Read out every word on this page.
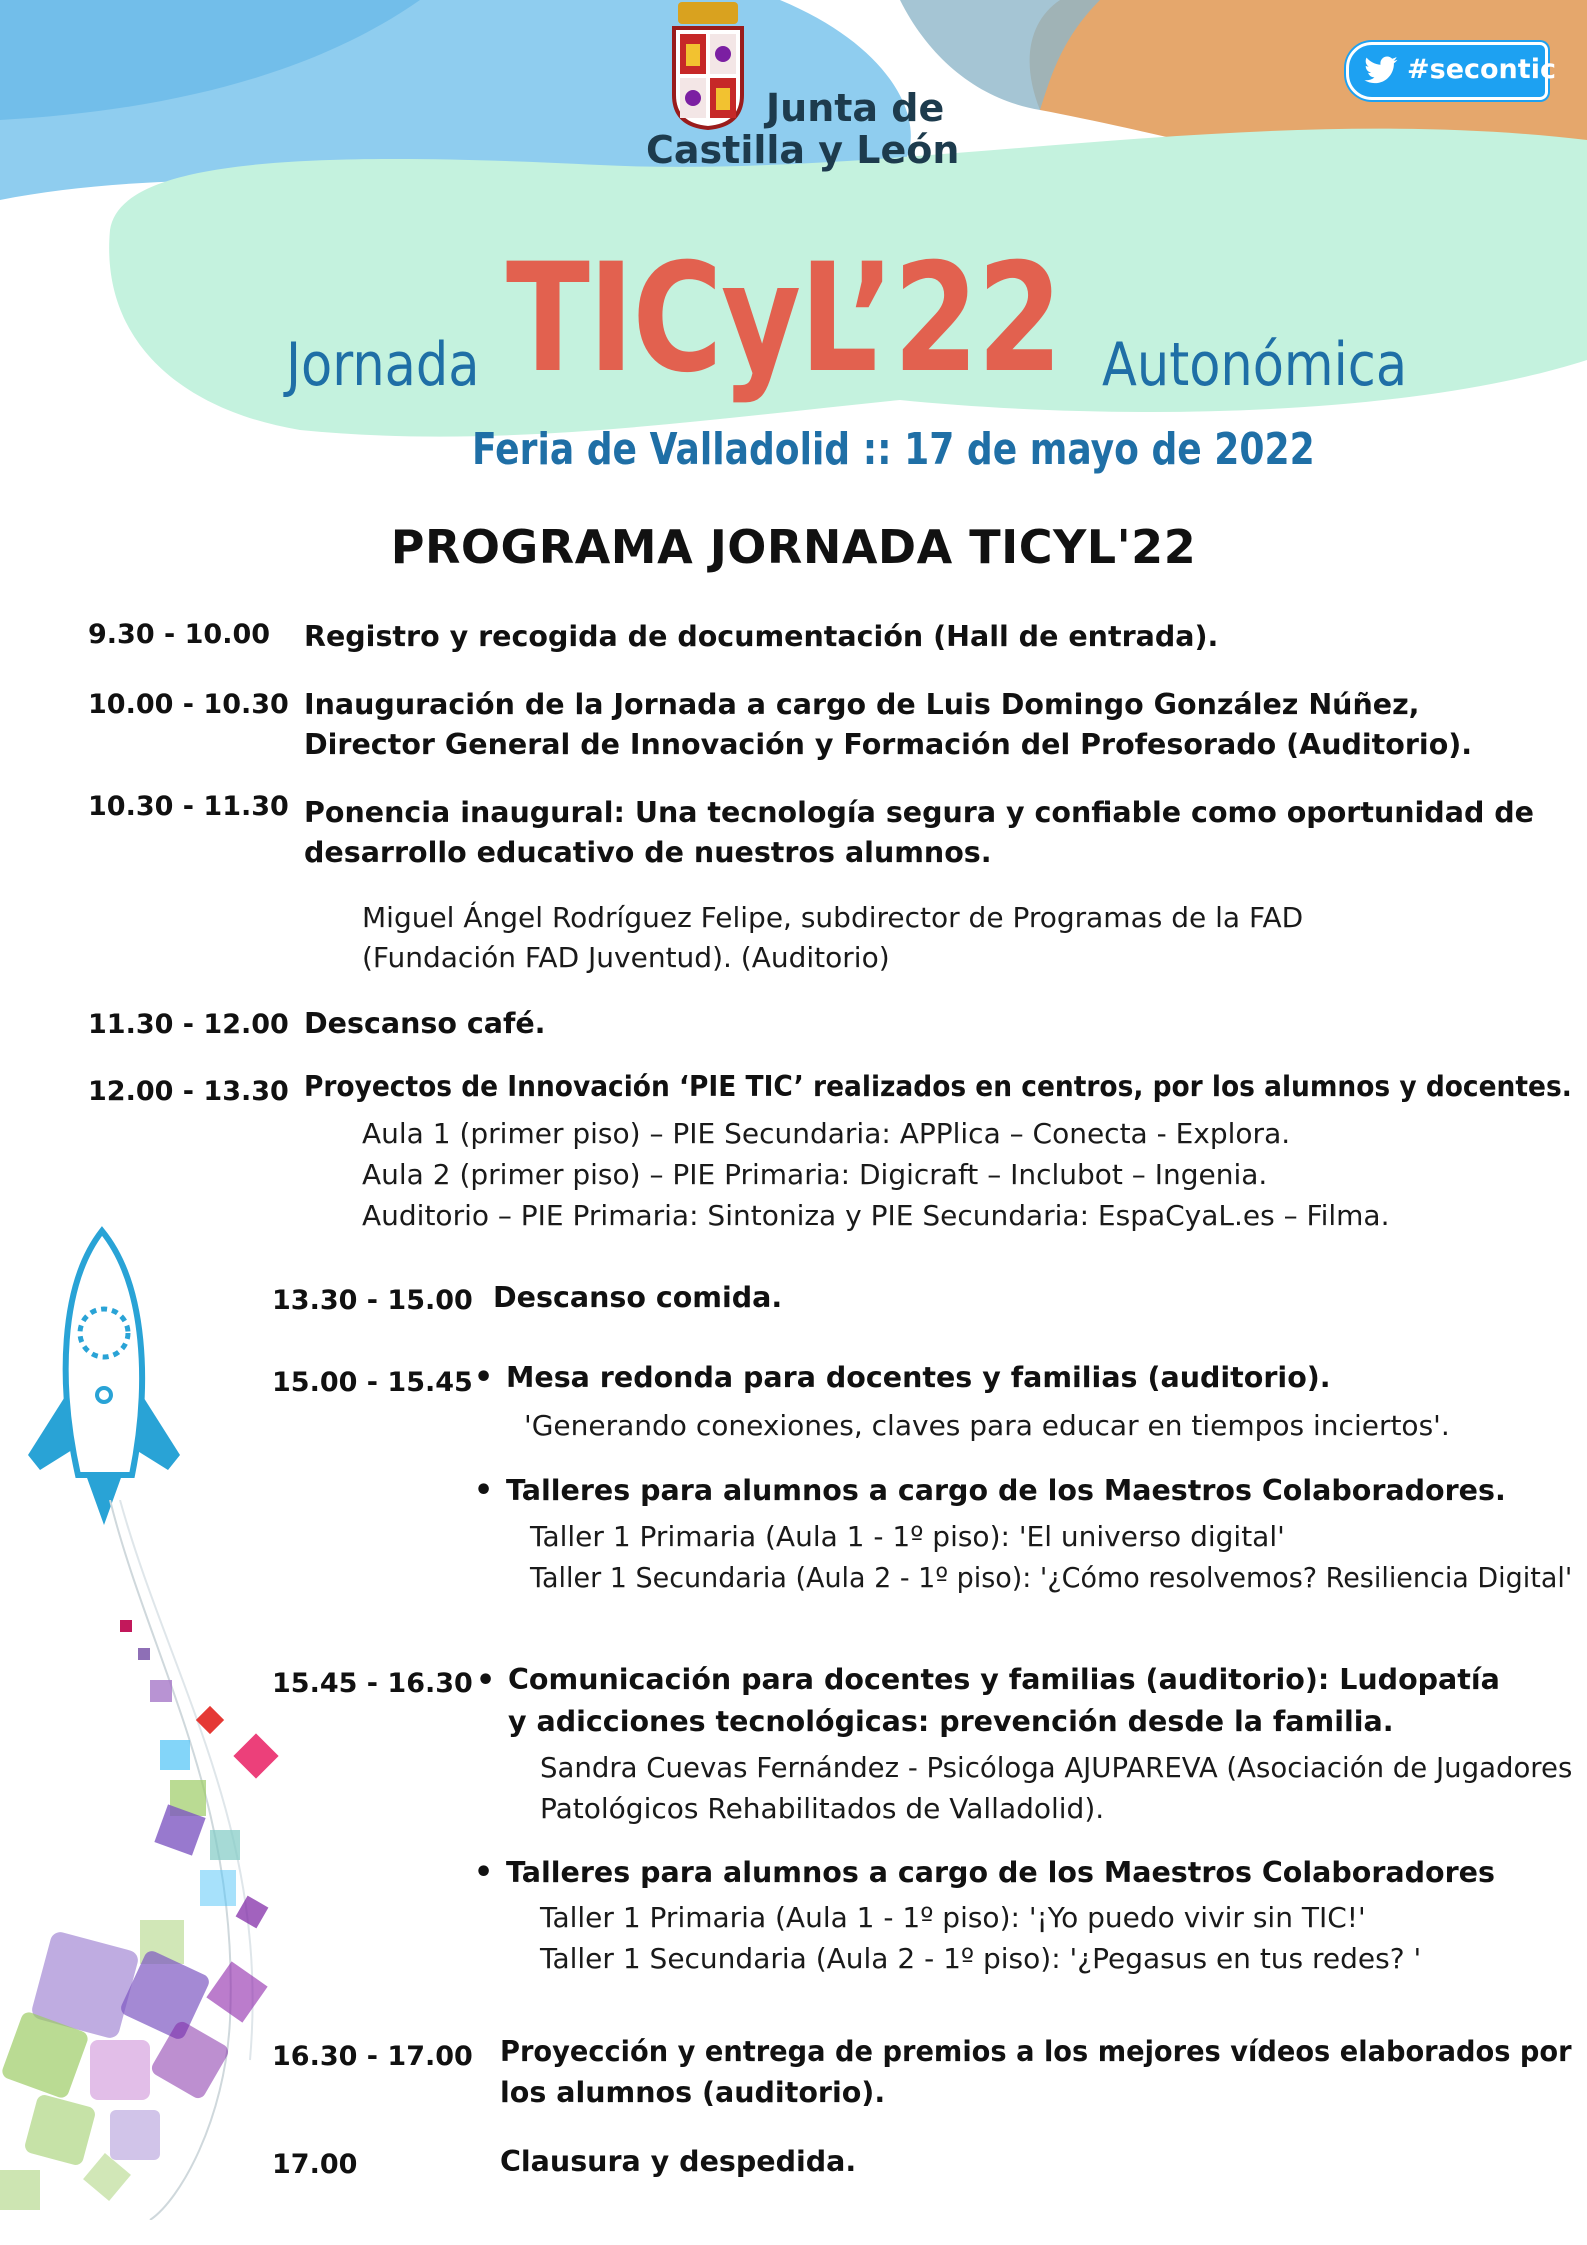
Junta de
Castilla y León
#secontic
Jornada TICyL’22 Autonómica
Feria de Valladolid :: 17 de mayo de 2022
PROGRAMA JORNADA TICYL'22
9.30 - 10.00 Registro y recogida de documentación (Hall de entrada).
10.00 - 10.30 Inauguración de la Jornada a cargo de Luis Domingo González Núñez,
Director General de Innovación y Formación del Profesorado (Auditorio).
10.30 - 11.30 Ponencia inaugural: Una tecnología segura y confiable como oportunidad de
desarrollo educativo de nuestros alumnos.
Miguel Ángel Rodríguez Felipe, subdirector de Programas de la FAD
(Fundación FAD Juventud). (Auditorio)
11.30 - 12.00 Descanso café.
12.00 - 13.30 Proyectos de Innovación ‘PIE TIC’ realizados en centros, por los alumnos y docentes.
Aula 1 (primer piso) – PIE Secundaria: APPlica – Conecta - Explora.
Aula 2 (primer piso) – PIE Primaria: Digicraft – Inclubot – Ingenia.
Auditorio – PIE Primaria: Sintoniza y PIE Secundaria: EspaCyaL.es – Filma.
13.30 - 15.00 Descanso comida.
15.00 - 15.45 • Mesa redonda para docentes y familias (auditorio).
'Generando conexiones, claves para educar en tiempos inciertos'.
• Talleres para alumnos a cargo de los Maestros Colaboradores.
Taller 1 Primaria (Aula 1 - 1º piso): 'El universo digital'
Taller 1 Secundaria (Aula 2 - 1º piso): '¿Cómo resolvemos? Resiliencia Digital'
15.45 - 16.30 • Comunicación para docentes y familias (auditorio): Ludopatía
y adicciones tecnológicas: prevención desde la familia.
Sandra Cuevas Fernández - Psicóloga AJUPAREVA (Asociación de Jugadores
Patológicos Rehabilitados de Valladolid).
• Talleres para alumnos a cargo de los Maestros Colaboradores
Taller 1 Primaria (Aula 1 - 1º piso): '¡Yo puedo vivir sin TIC!'
Taller 1 Secundaria (Aula 2 - 1º piso): '¿Pegasus en tus redes? '
16.30 - 17.00 Proyección y entrega de premios a los mejores vídeos elaborados por
los alumnos (auditorio).
17.00	Clausura y despedida.
